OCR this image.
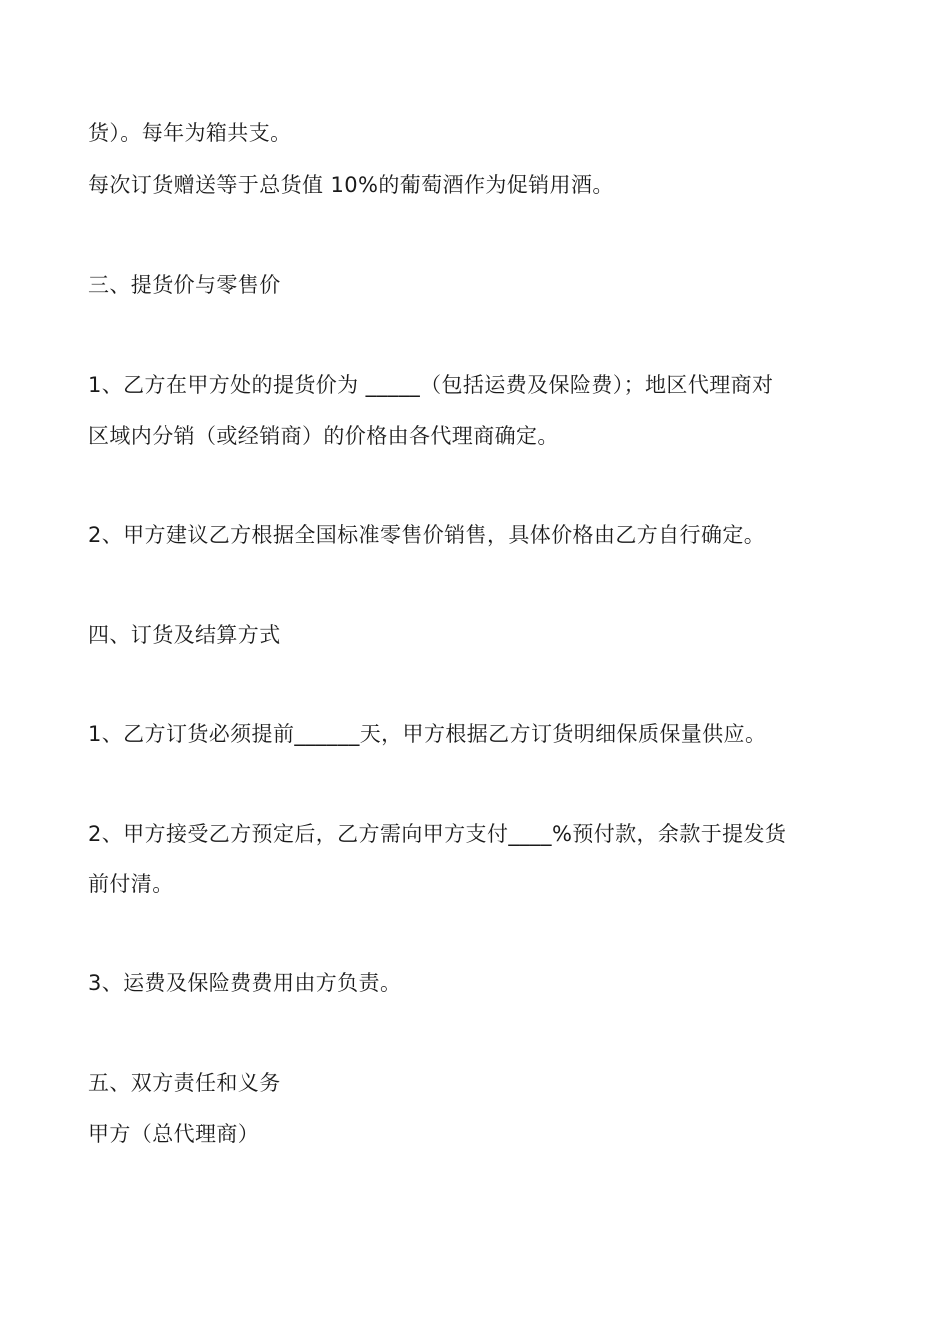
货）。每年为箱共支。
每次订货赠送等于总货值 10%的葡萄酒作为促销用酒。
三、提货价与零售价
1、乙方在甲方处的提货价为 _____（包括运费及保险费）；地区代理商对
区域内分销（或经销商）的价格由各代理商确定。
2、甲方建议乙方根据全国标准零售价销售，具体价格由乙方自行确定。
四、订货及结算方式
1、乙方订货必须提前______天，甲方根据乙方订货明细保质保量供应。
2、甲方接受乙方预定后，乙方需向甲方支付____%预付款，余款于提发货
前付清。
3、运费及保险费费用由方负责。
五、双方责任和义务
甲方（总代理商）
